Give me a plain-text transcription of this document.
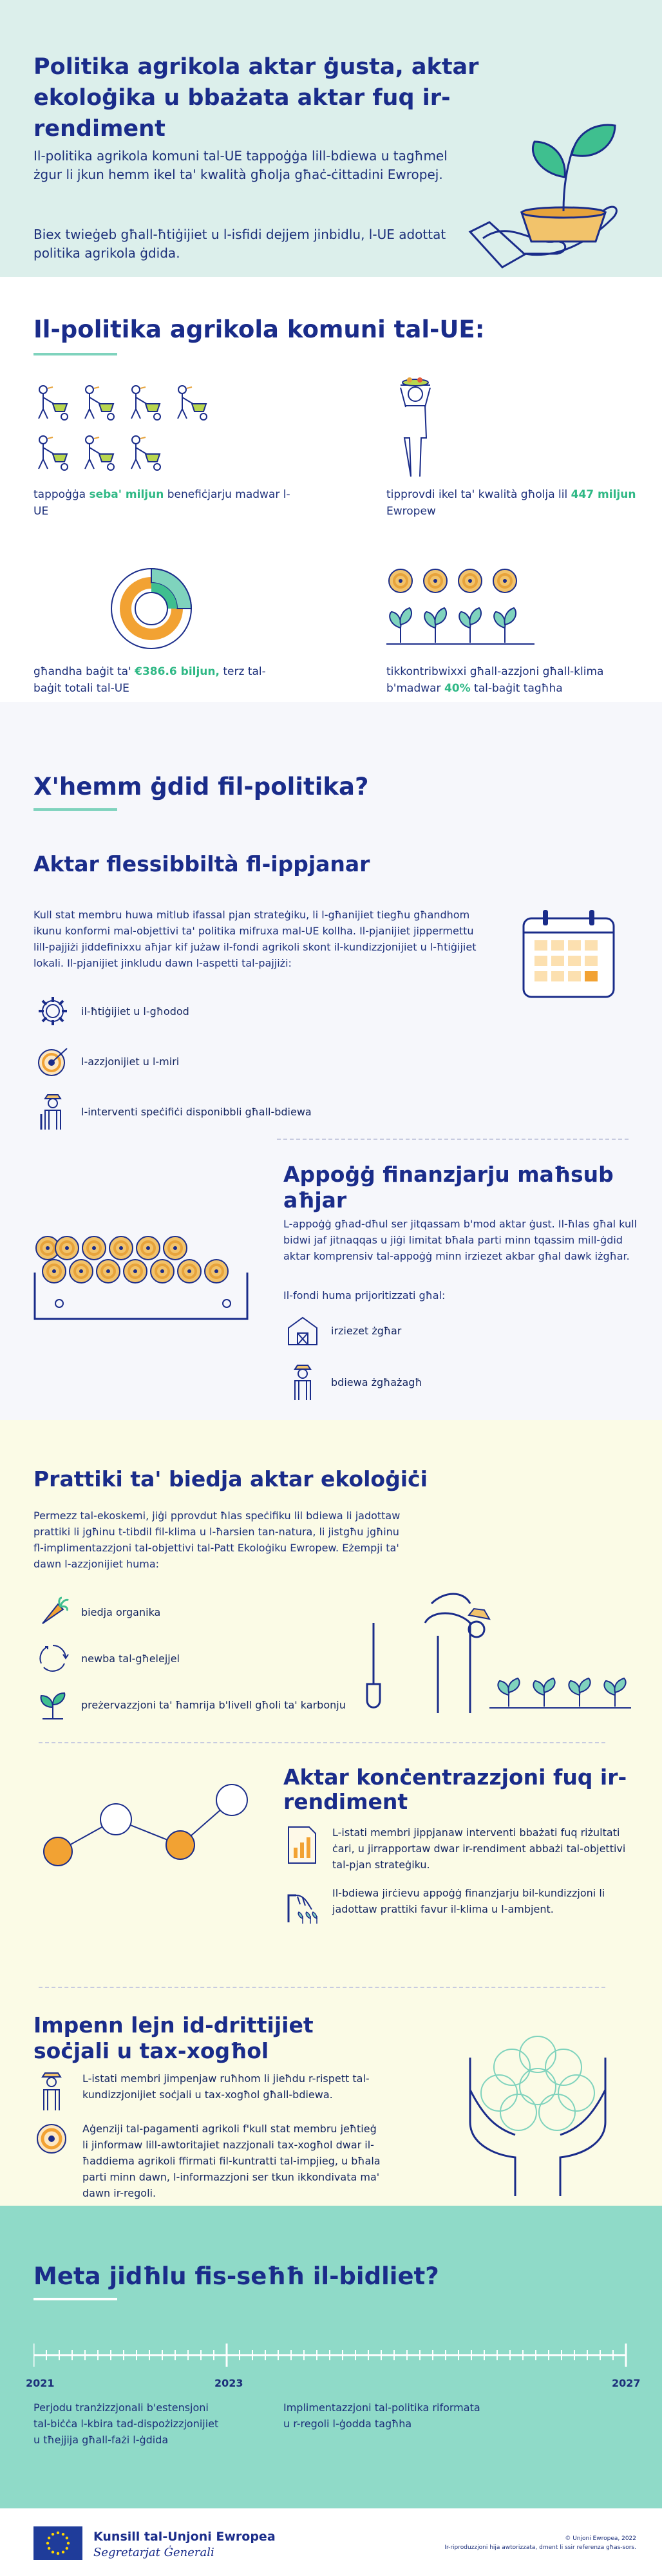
Politika agrikola aktar ġusta, aktar ekoloġika u bbażata aktar fuq ir-rendiment

Il-politika agrikola komuni tal-UE tappoġġa lill-bdiewa u tagħmel żgur li jkun hemm ikel ta' kwalità għolja għaċ-ċittadini Ewropej.

Biex twieġeb għall-ħtiġijiet u l-isfidi dejjem jinbidlu, l-UE adottat politika agrikola ġdida.

Il-politika agrikola komuni tal-UE:

tappoġġa seba' miljun benefiċjarju madwar l-UE

tipprovdi ikel ta' kwalità għolja lil 447 miljun Ewropew

għandha baġit ta' €386.6 biljun, terz tal-baġit totali tal-UE

tikkontribwixxi għall-azzjoni għall-klima b'madwar 40% tal-baġit tagħha

X'hemm ġdid fil-politika?
Aktar flessibbiltà fl-ippjanar

Kull stat membru huwa mitlub ifassal pjan strateġiku, li l-għanijiet tiegħu għandhom ikunu konformi mal-objettivi ta' politika mifruxa mal-UE kollha. Il-pjanijiet jippermettu lill-pajjiżi jiddefinixxu aħjar kif jużaw il-fondi agrikoli skont il-kundizzjonijiet u l-ħtiġijiet lokali. Il-pjanijiet jinkludu dawn l-aspetti tal-pajjiżi:

il-ħtiġijiet u l-għodod
l-azzjonijiet u l-miri
l-interventi speċifiċi disponibbli għall-bdiewa
Appoġġ finanzjarju maħsub aħjar

L-appoġġ għad-dħul ser jitqassam b'mod aktar ġust. Il-ħlas għal kull bidwi jaf jitnaqqas u jiġi limitat bħala parti minn tqassim mill-ġdid aktar komprensiv tal-appoġġ minn irziezet akbar għal dawk iżgħar.

Il-fondi huma prijoritizzati għal:

irziezet żgħar
bdiewa żgħażagħ
Prattiki ta' biedja aktar ekoloġiċi

Permezz tal-ekoskemi, jiġi pprovdut ħlas speċifiku lil bdiewa li jadottaw prattiki li jgħinu t-tibdil fil-klima u l-ħarsien tan-natura, li jistgħu jgħinu fl-implimentazzjoni tal-objettivi tal-Patt Ekoloġiku Ewropew. Eżempji ta' dawn l-azzjonijiet huma:

biedja organika
newba tal-għelejjel
preżervazzjoni ta' ħamrija b'livell għoli ta' karbonju
Aktar konċentrazzjoni fuq ir-rendiment
L-istati membri jippjanaw interventi bbażati fuq riżultati ċari, u jirrapportaw dwar ir-rendiment abbażi tal-objettivi tal-pjan strateġiku.
Il-bdiewa jirċievu appoġġ finanzjarju bil-kundizzjoni li jadottaw prattiki favur il-klima u l-ambjent.
Impenn lejn id-drittijiet soċjali u tax-xogħol
L-istati membri jimpenjaw ruħhom li jieħdu r-rispett tal-kundizzjonijiet soċjali u tax-xogħol għall-bdiewa.
Aġenziji tal-pagamenti agrikoli f'kull stat membru jeħtieġ li jinformaw lill-awtoritajiet nazzjonali tax-xogħol dwar il-ħaddiema agrikoli ffirmati fil-kuntratti tal-impjieg, u bħala parti minn dawn, l-informazzjoni ser tkun ikkondivata ma' dawn ir-regoli.
Meta jidħlu fis-seħħ il-bidliet?
2021	2023	2027
Perjodu tranżizzjonali b'estensjoni tal-biċċa l-kbira tad-dispożizzjonijiet u tħejjija għall-fażi l-ġdida
Implimentazzjoni tal-politika riformata u r-regoli l-ġodda tagħha
Kunsill tal-Unjoni Ewropea
Segretarjat Ġenerali
© Unjoni Ewropea, 2022
Ir-riproduzzjoni hija awtorizzata, dment li ssir referenza għas-sors.
